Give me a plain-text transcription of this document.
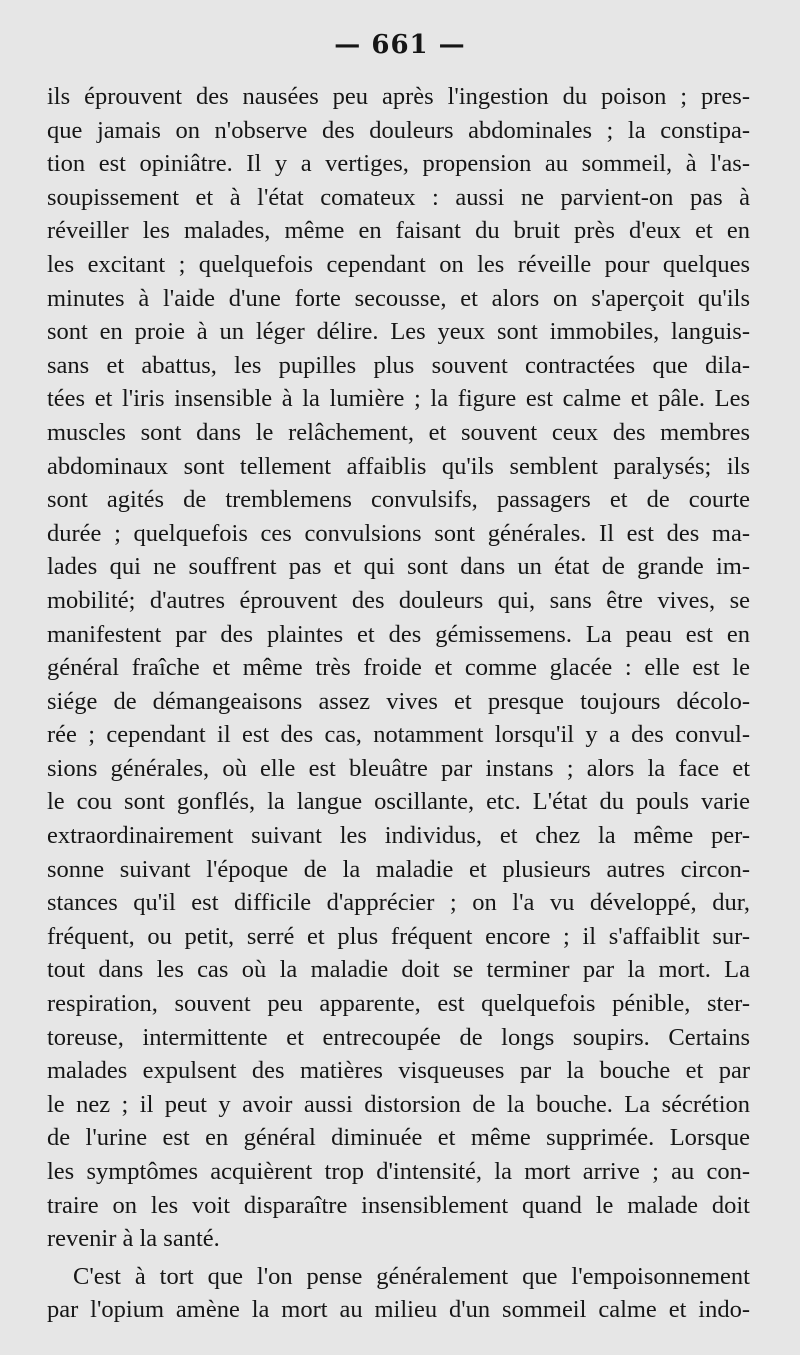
— 661 —
ils éprouvent des nausées peu après l'ingestion du poison ; pres-
que jamais on n'observe des douleurs abdominales ; la constipa-
tion est opiniâtre. Il y a vertiges, propension au sommeil, à l'as-
soupissement et à l'état comateux : aussi ne parvient-on pas à
réveiller les malades, même en faisant du bruit près d'eux et en
les excitant ; quelquefois cependant on les réveille pour quelques
minutes à l'aide d'une forte secousse, et alors on s'aperçoit qu'ils
sont en proie à un léger délire. Les yeux sont immobiles, languis-
sans et abattus, les pupilles plus souvent contractées que dila-
tées et l'iris insensible à la lumière ; la figure est calme et pâle. Les
muscles sont dans le relâchement, et souvent ceux des membres
abdominaux sont tellement affaiblis qu'ils semblent paralysés; ils
sont agités de tremblemens convulsifs, passagers et de courte
durée ; quelquefois ces convulsions sont générales. Il est des ma-
lades qui ne souffrent pas et qui sont dans un état de grande im-
mobilité; d'autres éprouvent des douleurs qui, sans être vives, se
manifestent par des plaintes et des gémissemens. La peau est en
général fraîche et même très froide et comme glacée : elle est le
siége de démangeaisons assez vives et presque toujours décolo-
rée ; cependant il est des cas, notamment lorsqu'il y a des convul-
sions générales, où elle est bleuâtre par instans ; alors la face et
le cou sont gonflés, la langue oscillante, etc. L'état du pouls varie
extraordinairement suivant les individus, et chez la même per-
sonne suivant l'époque de la maladie et plusieurs autres circon-
stances qu'il est difficile d'apprécier ; on l'a vu développé, dur,
fréquent, ou petit, serré et plus fréquent encore ; il s'affaiblit sur-
tout dans les cas où la maladie doit se terminer par la mort. La
respiration, souvent peu apparente, est quelquefois pénible, ster-
toreuse, intermittente et entrecoupée de longs soupirs. Certains
malades expulsent des matières visqueuses par la bouche et par
le nez ; il peut y avoir aussi distorsion de la bouche. La sécrétion
de l'urine est en général diminuée et même supprimée. Lorsque
les symptômes acquièrent trop d'intensité, la mort arrive ; au con-
traire on les voit disparaître insensiblement quand le malade doit
revenir à la santé.
C'est à tort que l'on pense généralement que l'empoisonnement
par l'opium amène la mort au milieu d'un sommeil calme et indo-
